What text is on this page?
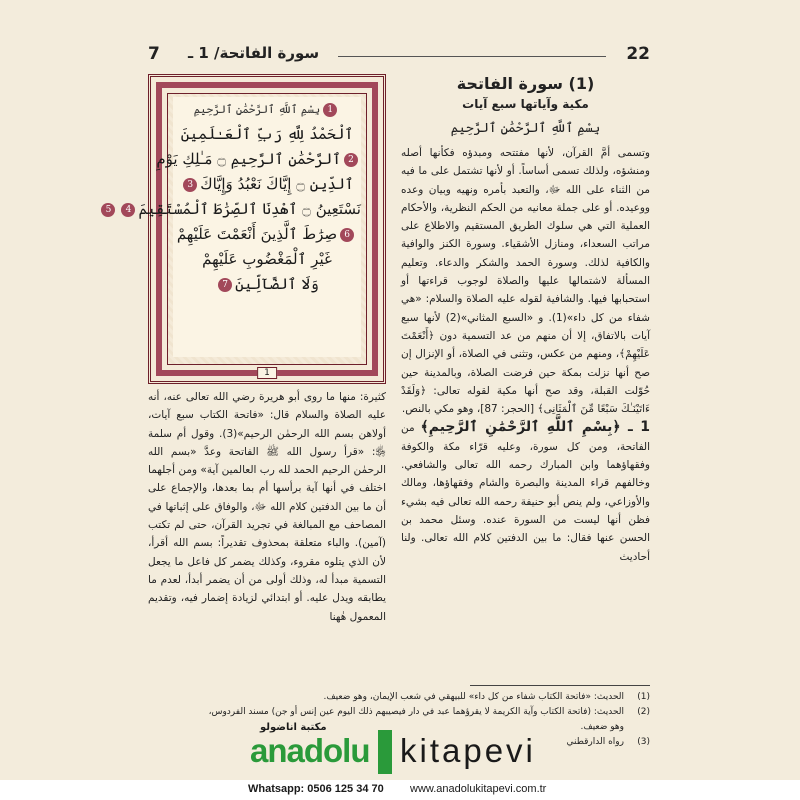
7 سورة الفاتحة/ 1 ـ	22
1بِسْمِ ٱللَّهِ ٱلرَّحْمَٰنِ ٱلرَّحِيمِ
ٱلْحَمْدُ لِلَّهِ رَبِّ ٱلْعَـٰلَمِينَ
2ٱلرَّحْمَٰنِ ٱلرَّحِيمِ ۝ مَـٰلِكِ يَوْمِ
ٱلدِّينِ ۝ إِيَّاكَ نَعْبُدُ وَإِيَّاكَ3
نَسْتَعِينُ ۝ ٱهْدِنَا ٱلصِّرَٰطَ ٱلْمُسْتَقِيمَ45
6صِرَٰطَ ٱلَّذِينَ أَنْعَمْتَ عَلَيْهِمْ
غَيْرِ ٱلْمَغْضُوبِ عَلَيْهِمْ
وَلَا ٱلضَّآلِّينَ7
1

(1) سورة الفاتحة

مكية وآياتها سبع آيات

بِسْمِ ٱللَّهِ ٱلرَّحْمَٰنِ ٱلرَّحِيمِ

وتسمى أمَّ القرآن، لأنها مفتتحه ومبدؤه فكأنها أصله ومنشؤه، ولذلك تسمى أساساً. أو لأنها تشتمل على ما فيه من الثناء على الله ﷻ، والتعبد بأمره ونهيه وبيان وعده ووعيده. أو على جملة معانيه من الحكم النظرية، والأحكام العملية التي هي سلوك الطريق المستقيم والاطلاع على مراتب السعداء، ومنازل الأشقياء. وسورة الكنز والوافية والكافية لذلك. وسورة الحمد والشكر والدعاء. وتعليم المسألة لاشتمالها عليها والصلاة لوجوب قراءتها أو استحبابها فيها. والشافية لقوله عليه الصلاة والسلام: «هي شفاء من كل داء»(1). و «السبع المثاني»(2) لأنها سبع آيات بالاتفاق، إلا أن منهم من عد التسمية دون ﴿أَنْعَمْتَ عَلَيْهِمْ﴾، ومنهم من عكس، وتثنى في الصلاة، أو الإنزال إن صح أنها نزلت بمكة حين فرضت الصلاة، وبالمدينة حين حُوّلت القبلة، وقد صح أنها مكية لقوله تعالى: ﴿وَلَقَدْ ءَاتَيْنَـٰكَ سَبْعًا مِّنَ ٱلْمَثَانِى﴾ [الحجر: 87]، وهو مكي بالنص.

1 ـ ﴿بِسْمِ ٱللَّهِ ٱلرَّحْمَٰنِ ٱلرَّحِيمِ﴾ من الفاتحة، ومن كل سورة، وعليه قرّاء مكة والكوفة وفقهاؤهما وابن المبارك رحمه الله تعالى والشافعي. وخالفهم قراء المدينة والبصرة والشام وفقهاؤها، ومالك والأوزاعي، ولم ينص أبو حنيفة رحمه الله تعالى فيه بشيء فظن أنها ليست من السورة عنده. وسئل محمد بن الحسن عنها فقال: ما بين الدفتين كلام الله تعالى. ولنا أحاديث

كثيرة: منها ما روى أبو هريرة رضي الله تعالى عنه، أنه عليه الصلاة والسلام قال: «فاتحة الكتاب سبع آيات، أولاهن بسم الله الرحمٰن الرحيم»(3). وقول أم سلمة ﵂: «قرأ رسول الله ﷺ الفاتحة وعدَّ «بسم الله الرحمٰن الرحيم الحمد لله رب العالمين آية» ومن أجلهما اختلف في أنها آية برأسها أم بما بعدها، والإجماع على أن ما بين الدفتين كلام الله ﷻ، والوفاق على إثباتها في المصاحف مع المبالغة في تجريد القرآن، حتى لم تكتب (آمين). والباء متعلقة بمحذوف تقديراً: بسم الله أقرأ، لأن الذي يتلوه مقروء، وكذلك يضمر كل فاعل ما يجعل التسمية مبدأ له، وذلك أولى من أن يضمر أبدأ، لعدم ما يطابقه ويدل عليه. أو ابتدائي لزيادة إضمار فيه، وتقديم المعمول هٰهنا

(1)الحديث: «فاتحة الكتاب شفاء من كل داء» للبيهقي في شعب الإيمان، وهو ضعيف.
(2)الحديث: (فاتحة الكتاب وآية الكريمة لا يقرؤهما عبد في دار فيصيبهم ذلك اليوم عين إنس أو جن) مسند الفردوس،
وهو ضعيف.
(3)رواه الدارقطني
مكتبة اناضولو
anadolu kitapevi
Whatsapp: 0506 125 34 70 www.anadolukitapevi.com.tr
